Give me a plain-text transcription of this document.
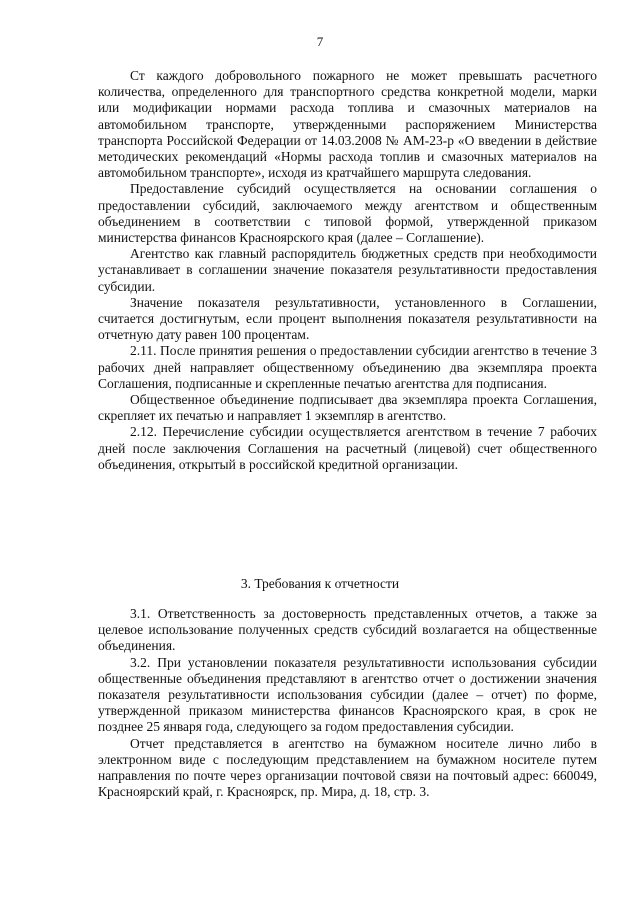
7

Ст каждого добровольного пожарного не может превышать расчетного количества, определенного для транспортного средства конкретной модели, марки или модификации нормами расхода топлива и смазочных материалов на автомобильном транспорте, утвержденными распоряжением Министерства транспорта Российской Федерации от 14.03.2008 № АМ-23-р «О введении в действие методических рекомендаций «Нормы расхода топлив и смазочных материалов на автомобильном транспорте», исходя из кратчайшего маршрута следования.

Предоставление субсидий осуществляется на основании соглашения о предоставлении субсидий, заключаемого между агентством и общественным объединением в соответствии с типовой формой, утвержденной приказом министерства финансов Красноярского края (далее – Соглашение).

Агентство как главный распорядитель бюджетных средств при необходимости устанавливает в соглашении значение показателя результативности предоставления субсидии.

Значение показателя результативности, установленного в Соглашении, считается достигнутым, если процент выполнения показателя результативности на отчетную дату равен 100 процентам.

2.11. После принятия решения о предоставлении субсидии агентство в течение 3 рабочих дней направляет общественному объединению два экземпляра проекта Соглашения, подписанные и скрепленные печатью агентства для подписания.

Общественное объединение подписывает два экземпляра проекта Соглашения, скрепляет их печатью и направляет 1 экземпляр в агентство.

2.12. Перечисление субсидии осуществляется агентством в течение 7 рабочих дней после заключения Соглашения на расчетный (лицевой) счет общественного объединения, открытый в российской кредитной организации.

3. Требования к отчетности

3.1. Ответственность за достоверность представленных отчетов, а также за целевое использование полученных средств субсидий возлагается на общественные объединения.

3.2. При установлении показателя результативности использования субсидии общественные объединения представляют в агентство отчет о достижении значения показателя результативности использования субсидии (далее – отчет) по форме, утвержденной приказом министерства финансов Красноярского края, в срок не позднее 25 января года, следующего за годом предоставления субсидии.

Отчет представляется в агентство на бумажном носителе лично либо в электронном виде с последующим представлением на бумажном носителе путем направления по почте через организации почтовой связи на почтовый адрес: 660049, Красноярский край, г. Красноярск, пр. Мира, д. 18, стр. 3.
